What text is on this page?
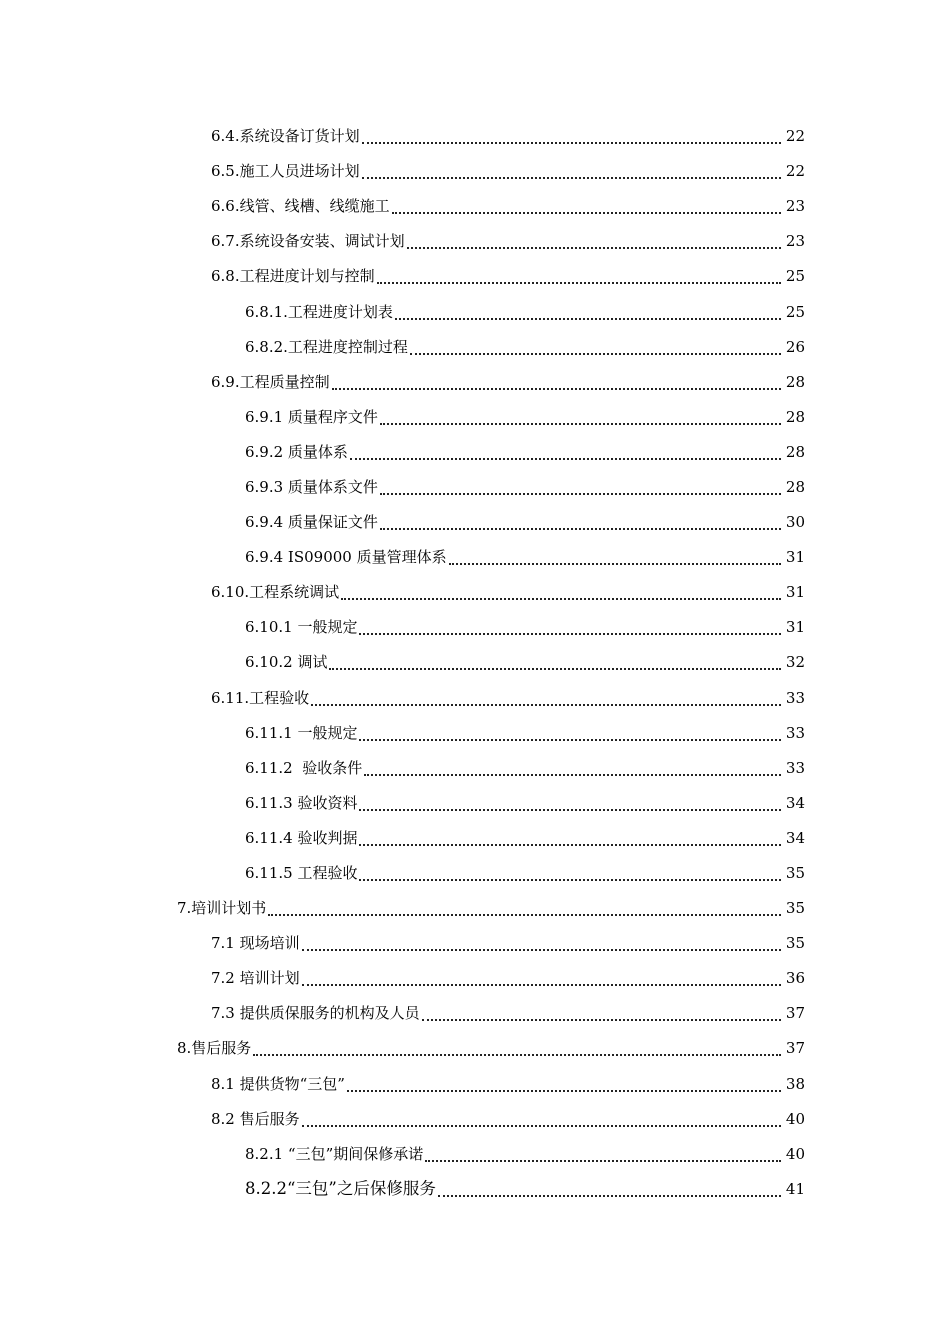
6.4.系统设备订货计划	22
6.5.施工人员进场计划	22
6.6.线管、线槽、线缆施工	23
6.7.系统设备安装、调试计划	23
6.8.工程进度计划与控制	25
6.8.1.工程进度计划表	25
6.8.2.工程进度控制过程	26
6.9.工程质量控制	28
6.9.1 质量程序文件	28
6.9.2 质量体系	28
6.9.3 质量体系文件	28
6.9.4 质量保证文件	30
6.9.4 IS09000 质量管理体系	31
6.10.工程系统调试	31
6.10.1 一般规定	31
6.10.2 调试	32
6.11.工程验收	33
6.11.1 一般规定	33
6.11.2  验收条件	33
6.11.3 验收资料	34
6.11.4 验收判据	34
6.11.5 工程验收	35
7.培训计划书	35
7.1 现场培训	35
7.2 培训计划	36
7.3 提供质保服务的机构及人员	37
8.售后服务	37
8.1 提供货物“三包”	38
8.2 售后服务	40
8.2.1 “三包”期间保修承诺	40
8.2.2“三包”之后保修服务	41
